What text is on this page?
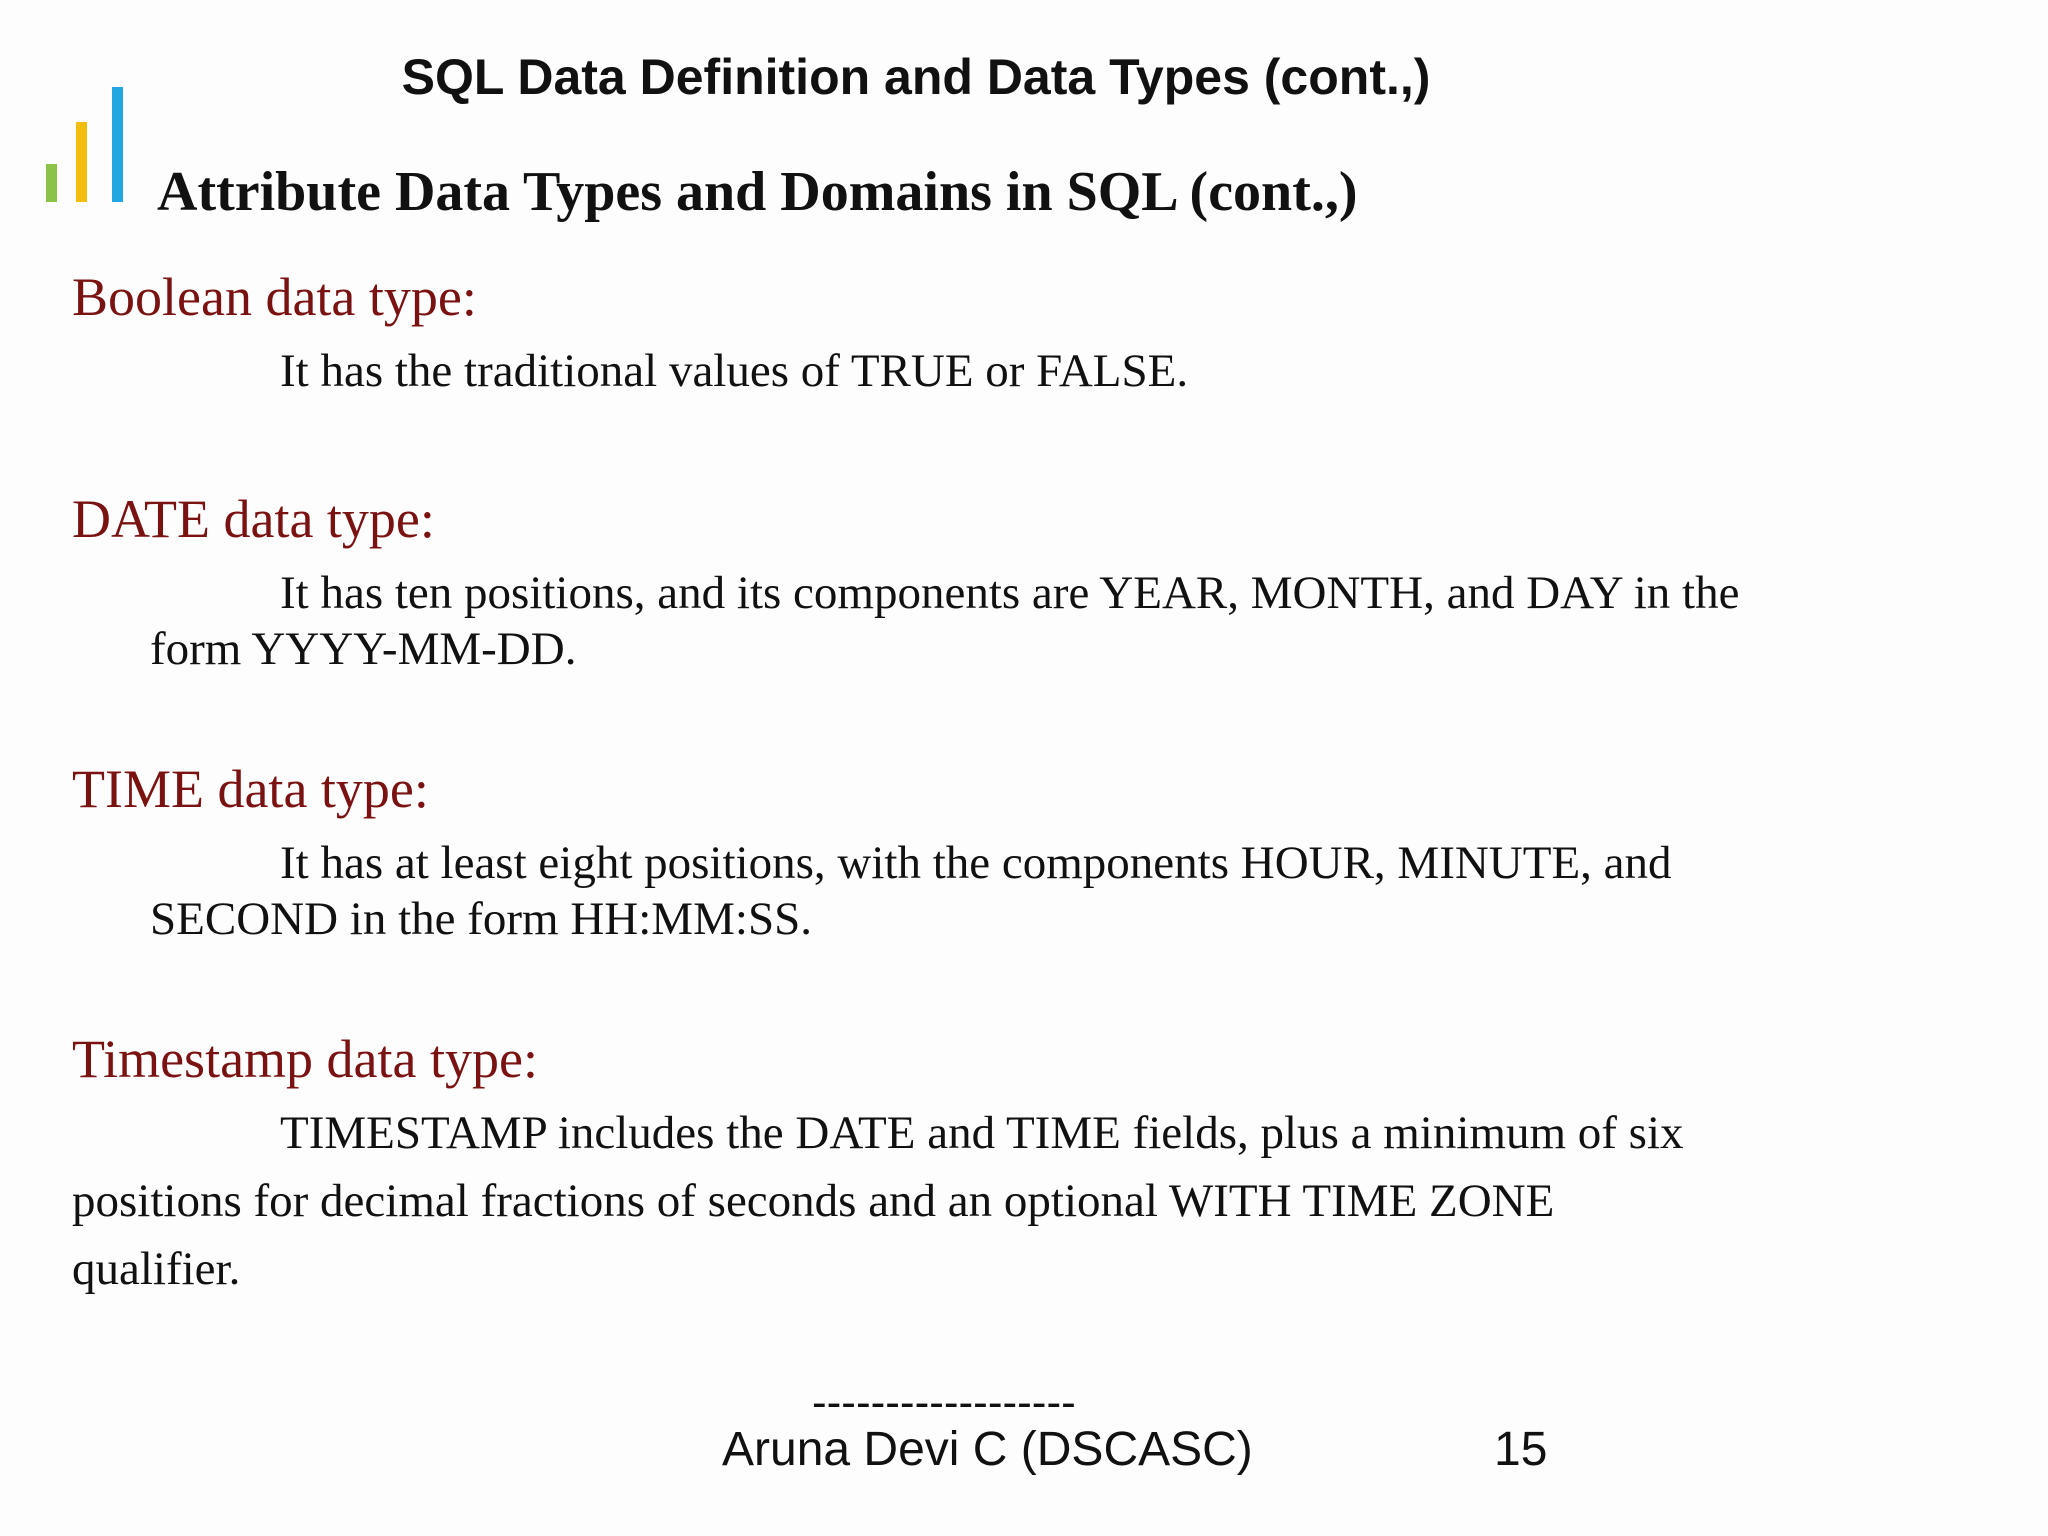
SQL Data Definition and Data Types (cont.,)
Attribute Data Types and Domains in SQL (cont.,)
Boolean data type:
It has the traditional values of TRUE or FALSE.
DATE data type:
It has ten positions, and its components are YEAR, MONTH, and DAY in the
form YYYY-MM-DD.
TIME data type:
It has at least eight positions, with the components HOUR, MINUTE, and
SECOND in the form HH:MM:SS.
Timestamp data type:
TIMESTAMP includes the DATE and TIME fields, plus a minimum of six
positions for decimal fractions of seconds and an optional WITH TIME ZONE
qualifier.
------------------
Aruna Devi C (DSCASC)	15
